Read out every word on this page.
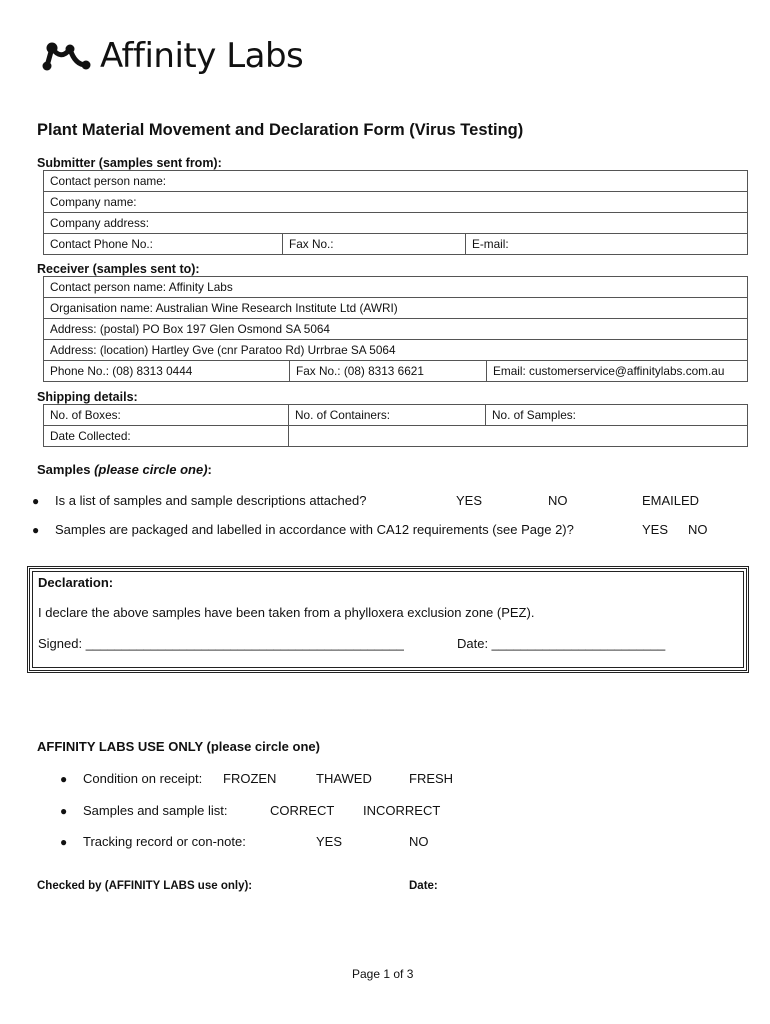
Affinity Labs
Plant Material Movement and Declaration Form (Virus Testing)
Submitter (samples sent from):
Contact person name:
Company name:
Company address:
Contact Phone No.:	Fax No.:	E-mail:
Receiver (samples sent to):
Contact person name: Affinity Labs
Organisation name: Australian Wine Research Institute Ltd (AWRI)
Address: (postal) PO Box 197 Glen Osmond SA 5064
Address: (location) Hartley Gve (cnr Paratoo Rd) Urrbrae SA 5064
Phone No.: (08) 8313 0444	Fax No.: (08) 8313 6621	Email: customerservice@affinitylabs.com.au
Shipping details:
No. of Boxes:	No. of Containers:	No. of Samples:
Date Collected:		
Samples (please circle one):
● Is a list of samples and sample descriptions attached?	YES	NO	EMAILED
● Samples are packaged and labelled in accordance with CA12 requirements (see Page 2)?	YES NO
Declaration:
I declare the above samples have been taken from a phylloxera exclusion zone (PEZ).
Signed: ____________________________________________	Date: ________________________
AFFINITY LABS USE ONLY (please circle one)
● Condition on receipt: FROZEN	THAWED	FRESH
● Samples and sample list:	CORRECT INCORRECT
● Tracking record or con-note:	YES	NO
Checked by (AFFINITY LABS use only):	Date:
Page 1 of 3
